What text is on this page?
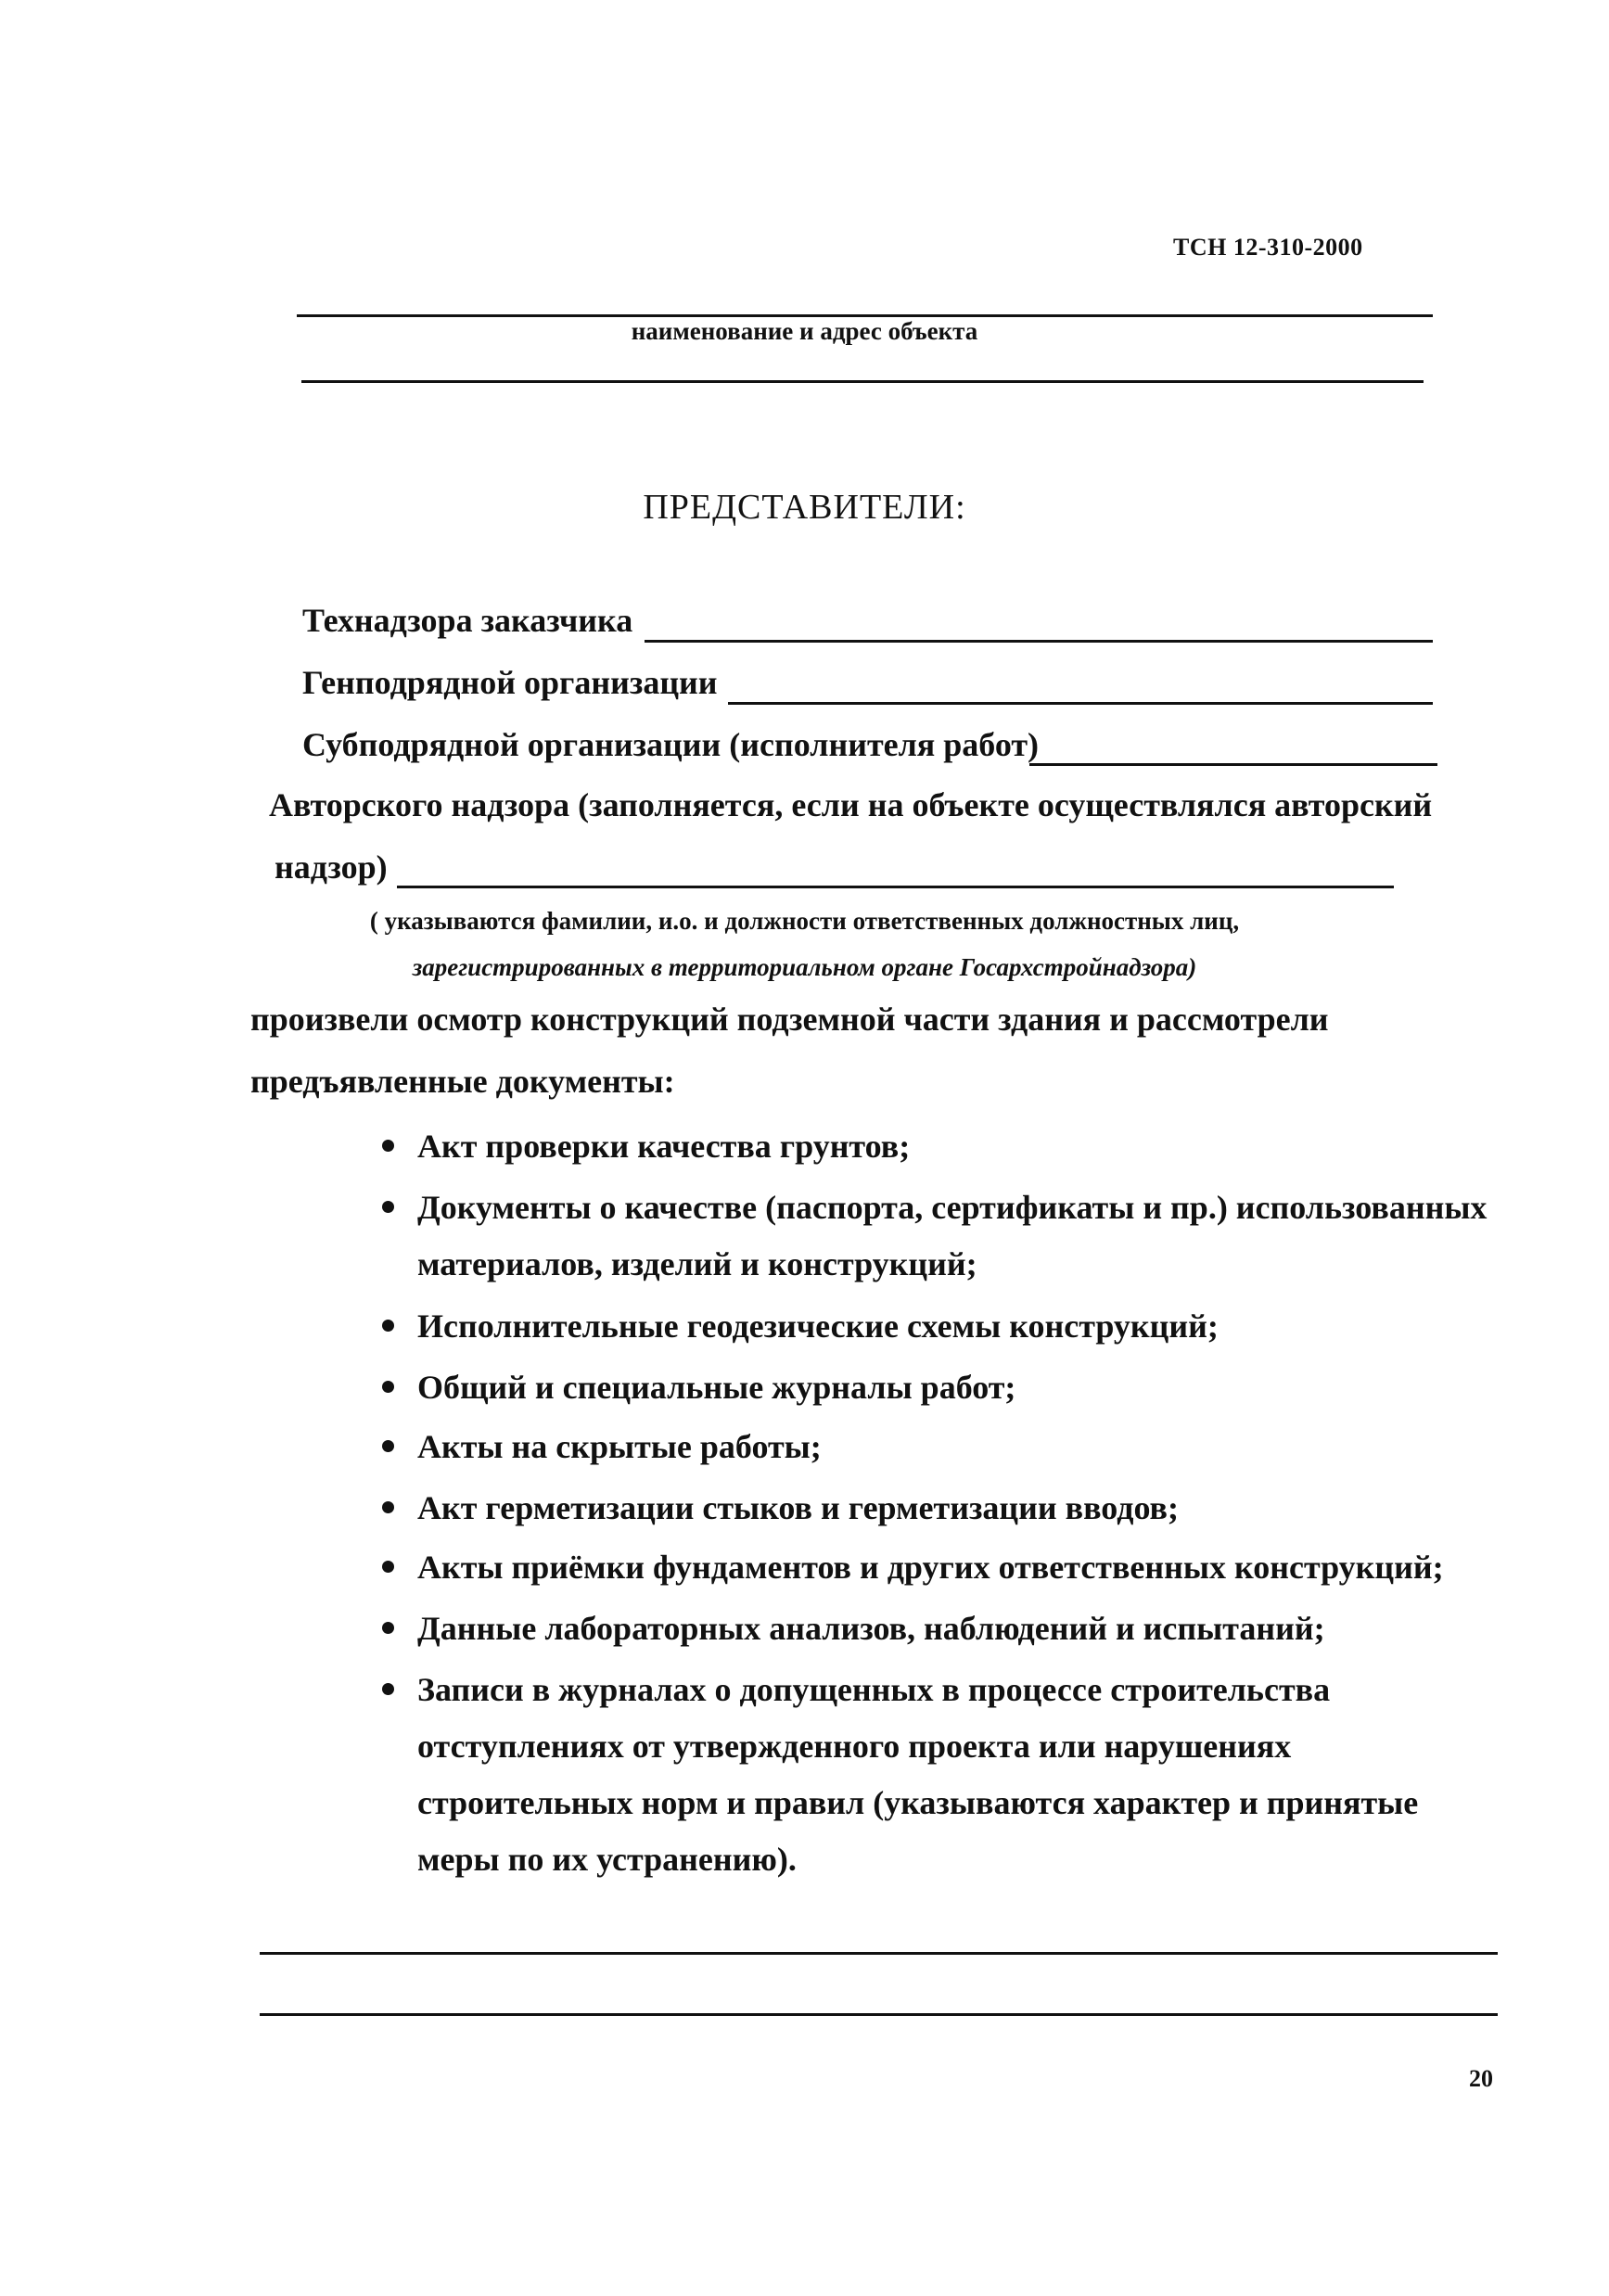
ТСН 12-310-2000
наименование и адрес объекта
ПРЕДСТАВИТЕЛИ:
Технадзора заказчика
Генподрядной организации
Субподрядной организации (исполнителя работ)
Авторского надзора (заполняется, если на объекте осуществлялся авторский
надзор)
( указываются фамилии, и.о. и должности ответственных должностных лиц,
зарегистрированных в территориальном органе Госархстройнадзора)
произвели осмотр конструкций подземной части здания и рассмотрели
предъявленные документы:
Акт проверки качества грунтов;
Документы о качестве (паспорта, сертификаты и пр.) использованных материалов, изделий и конструкций;
Исполнительные геодезические схемы конструкций;
Общий и специальные журналы работ;
Акты на скрытые работы;
Акт герметизации стыков и герметизации вводов;
Акты приёмки фундаментов и других ответственных конструкций;
Данные лабораторных анализов, наблюдений и испытаний;
Записи в журналах о допущенных в процессе строительства отступлениях от утвержденного проекта или нарушениях строительных норм и правил (указываются характер и принятые меры по их устранению).
20
